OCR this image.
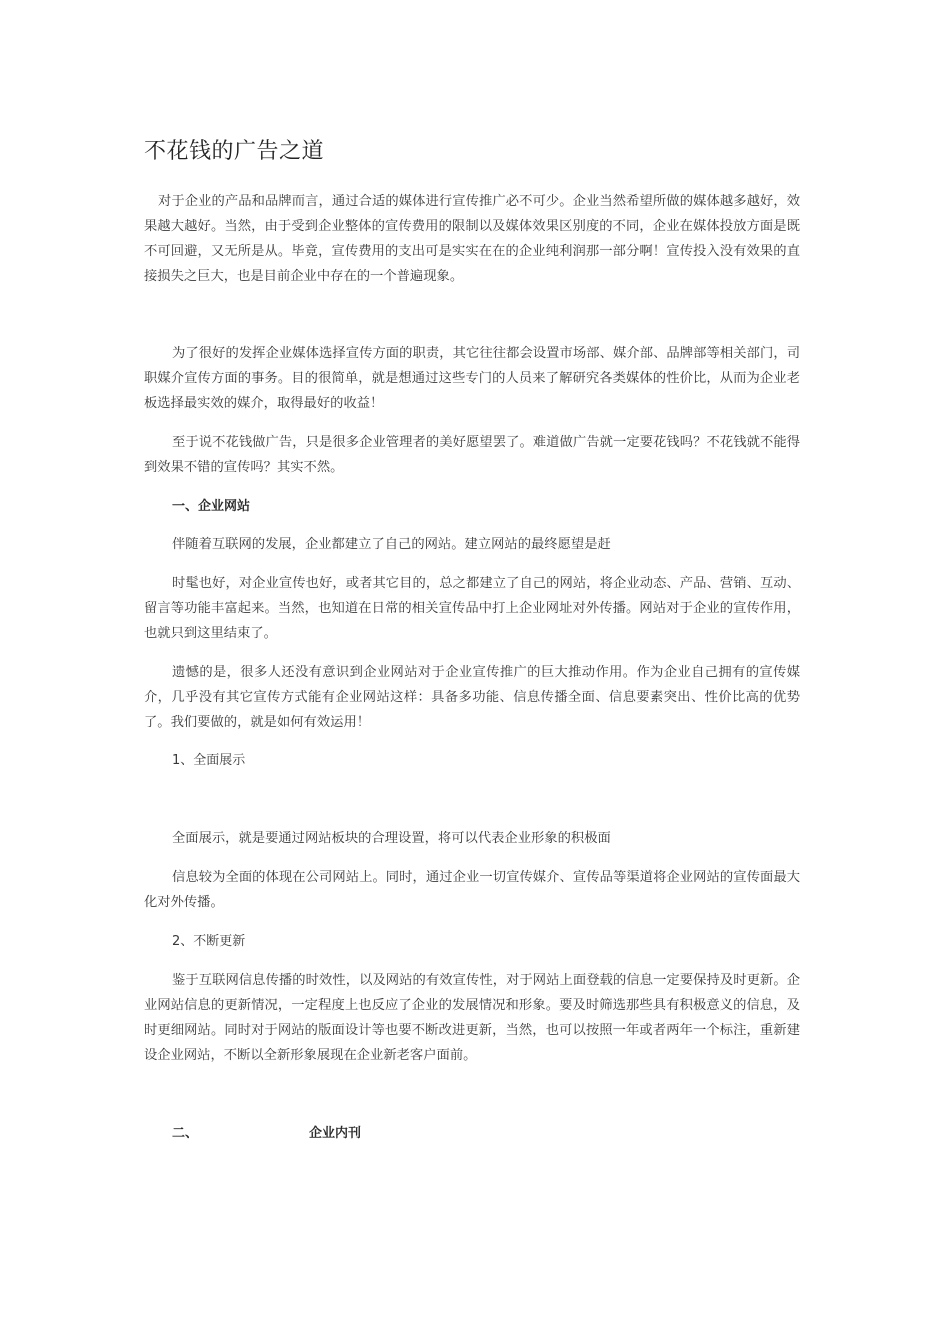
不花钱的广告之道

对于企业的产品和品牌而言，通过合适的媒体进行宣传推广必不可少。企业当然希望所做的媒体越多越好，效果越大越好。当然，由于受到企业整体的宣传费用的限制以及媒体效果区别度的不同，企业在媒体投放方面是既不可回避，又无所是从。毕竟，宣传费用的支出可是实实在在的企业纯利润那一部分啊！宣传投入没有效果的直接损失之巨大，也是目前企业中存在的一个普遍现象。

为了很好的发挥企业媒体选择宣传方面的职责，其它往往都会设置市场部、媒介部、品牌部等相关部门，司职媒介宣传方面的事务。目的很简单，就是想通过这些专门的人员来了解研究各类媒体的性价比，从而为企业老板选择最实效的媒介，取得最好的收益！

至于说不花钱做广告，只是很多企业管理者的美好愿望罢了。难道做广告就一定要花钱吗？不花钱就不能得到效果不错的宣传吗？其实不然。

一、企业网站

伴随着互联网的发展，企业都建立了自己的网站。建立网站的最终愿望是赶

时髦也好，对企业宣传也好，或者其它目的，总之都建立了自己的网站，将企业动态、产品、营销、互动、留言等功能丰富起来。当然，也知道在日常的相关宣传品中打上企业网址对外传播。网站对于企业的宣传作用，也就只到这里结束了。

遗憾的是，很多人还没有意识到企业网站对于企业宣传推广的巨大推动作用。作为企业自己拥有的宣传媒介，几乎没有其它宣传方式能有企业网站这样：具备多功能、信息传播全面、信息要素突出、性价比高的优势了。我们要做的，就是如何有效运用！

1、全面展示

全面展示，就是要通过网站板块的合理设置，将可以代表企业形象的积极面

信息较为全面的体现在公司网站上。同时，通过企业一切宣传媒介、宣传品等渠道将企业网站的宣传面最大化对外传播。

2、不断更新

鉴于互联网信息传播的时效性，以及网站的有效宣传性，对于网站上面登载的信息一定要保持及时更新。企业网站信息的更新情况，一定程度上也反应了企业的发展情况和形象。要及时筛选那些具有积极意义的信息，及时更细网站。同时对于网站的版面设计等也要不断改进更新，当然，也可以按照一年或者两年一个标注，重新建设企业网站，不断以全新形象展现在企业新老客户面前。

二、	企业内刊
